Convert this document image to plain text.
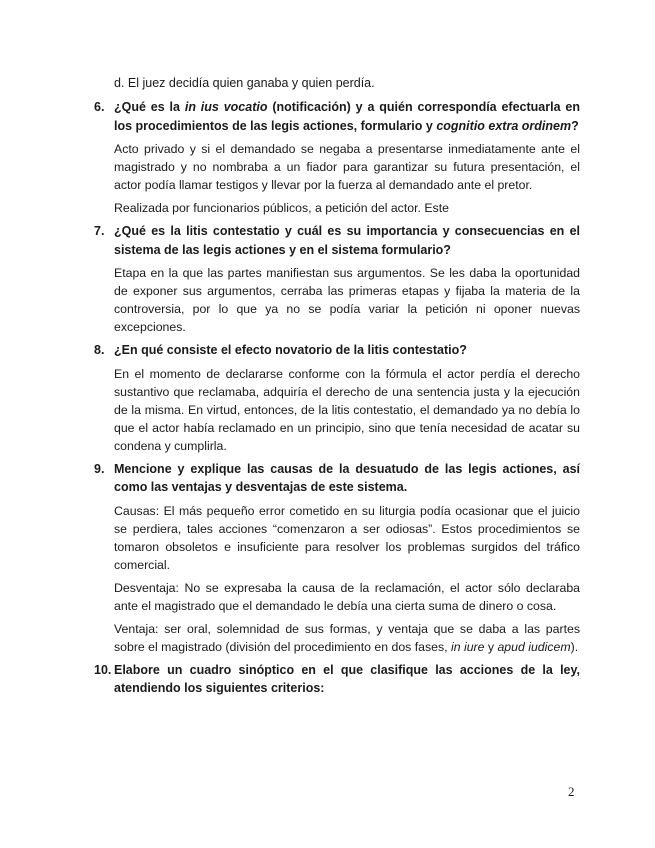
d. El juez decidía quien ganaba y quien perdía.
6. ¿Qué es la in ius vocatio (notificación) y a quién correspondía efectuarla en los procedimientos de las legis actiones, formulario y cognitio extra ordinem?
Acto privado y si el demandado se negaba a presentarse inmediatamente ante el magistrado y no nombraba a un fiador para garantizar su futura presentación, el actor podía llamar testigos y llevar por la fuerza al demandado ante el pretor.
Realizada por funcionarios públicos, a petición del actor. Este
7. ¿Qué es la litis contestatio y cuál es su importancia y consecuencias en el sistema de las legis actiones y en el sistema formulario?
Etapa en la que las partes manifiestan sus argumentos. Se les daba la oportunidad de exponer sus argumentos, cerraba las primeras etapas y fijaba la materia de la controversia, por lo que ya no se podía variar la petición ni oponer nuevas excepciones.
8. ¿En qué consiste el efecto novatorio de la litis contestatio?
En el momento de declararse conforme con la fórmula el actor perdía el derecho sustantivo que reclamaba, adquiría el derecho de una sentencia justa y la ejecución de la misma. En virtud, entonces, de la litis contestatio, el demandado ya no debía lo que el actor había reclamado en un principio, sino que tenía necesidad de acatar su condena y cumplirla.
9. Mencione y explique las causas de la desuatudo de las legis actiones, así como las ventajas y desventajas de este sistema.
Causas: El más pequeño error cometido en su liturgia podía ocasionar que el juicio se perdiera, tales acciones “comenzaron a ser odiosas”. Estos procedimientos se tomaron obsoletos e insuficiente para resolver los problemas surgidos del tráfico comercial.
Desventaja: No se expresaba la causa de la reclamación, el actor sólo declaraba ante el magistrado que el demandado le debía una cierta suma de dinero o cosa.
Ventaja: ser oral, solemnidad de sus formas, y ventaja que se daba a las partes sobre el magistrado (división del procedimiento en dos fases, in iure y apud iudicem).
10. Elabore un cuadro sinóptico en el que clasifique las acciones de la ley, atendiendo los siguientes criterios:
2
